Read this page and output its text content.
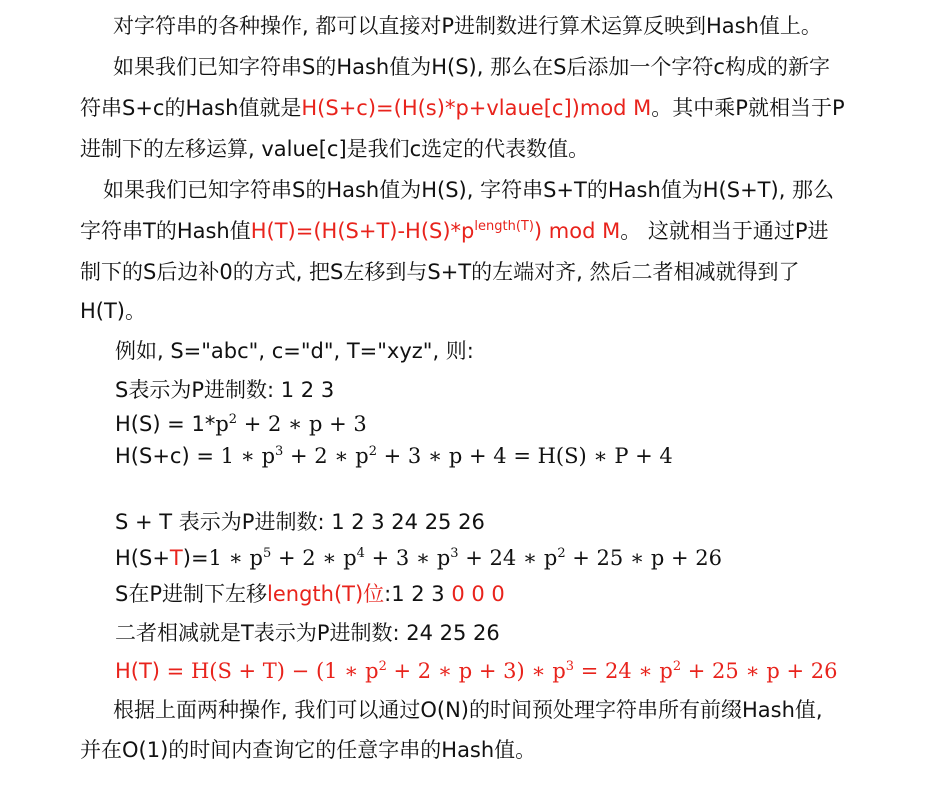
对字符串的各种操作, 都可以直接对P进制数进行算术运算反映到Hash值上。
如果我们已知字符串S的Hash值为H(S), 那么在S后添加一个字符c构成的新字
符串S+c的Hash值就是H(S+c)=(H(s)*p+vlaue[c])mod M。其中乘P就相当于P
进制下的左移运算, value[c]是我们c选定的代表数值。
如果我们已知字符串S的Hash值为H(S), 字符串S+T的Hash值为H(S+T), 那么
字符串T的Hash值$H(T)=(H(S+T)-H(S)*p^{length(T)})$ mod M。 这就相当于通过P进
制下的S后边补0的方式, 把S左移到与S+T的左端对齐, 然后二者相减就得到了
H(T)。
例如, S="abc", c="d", T="xyz", 则:
S表示为P进制数: 1 2 3
$H(S) = 1*p^2 + 2$ ∗ p + 3
H(S+c) = 1 ∗ $p^3 + 2$ ∗ $p^2 + 3$ ∗ p + 4 = H(S) ∗ P + 4
S + T 表示为P进制数: 1 2 3 24 25 26
H(S+T)=1 ∗ $p^5 + 2$ ∗ $p^4 + 3$ ∗ $p^3 + 24$ ∗ $p^2 + 25$ ∗ p + 26
S在P进制下左移length(T)位:1 2 3 0 0 0
二者相减就是T表示为P进制数: 24 25 26
H(T) = H(S + T) − (1 ∗ $p^2 + 2$ ∗ p + 3) ∗ $p^3 = 24$ ∗ $p^2 + 25$ ∗ p + 26
根据上面两种操作, 我们可以通过O(N)的时间预处理字符串所有前缀Hash值,
并在O(1)的时间内查询它的任意字串的Hash值。
